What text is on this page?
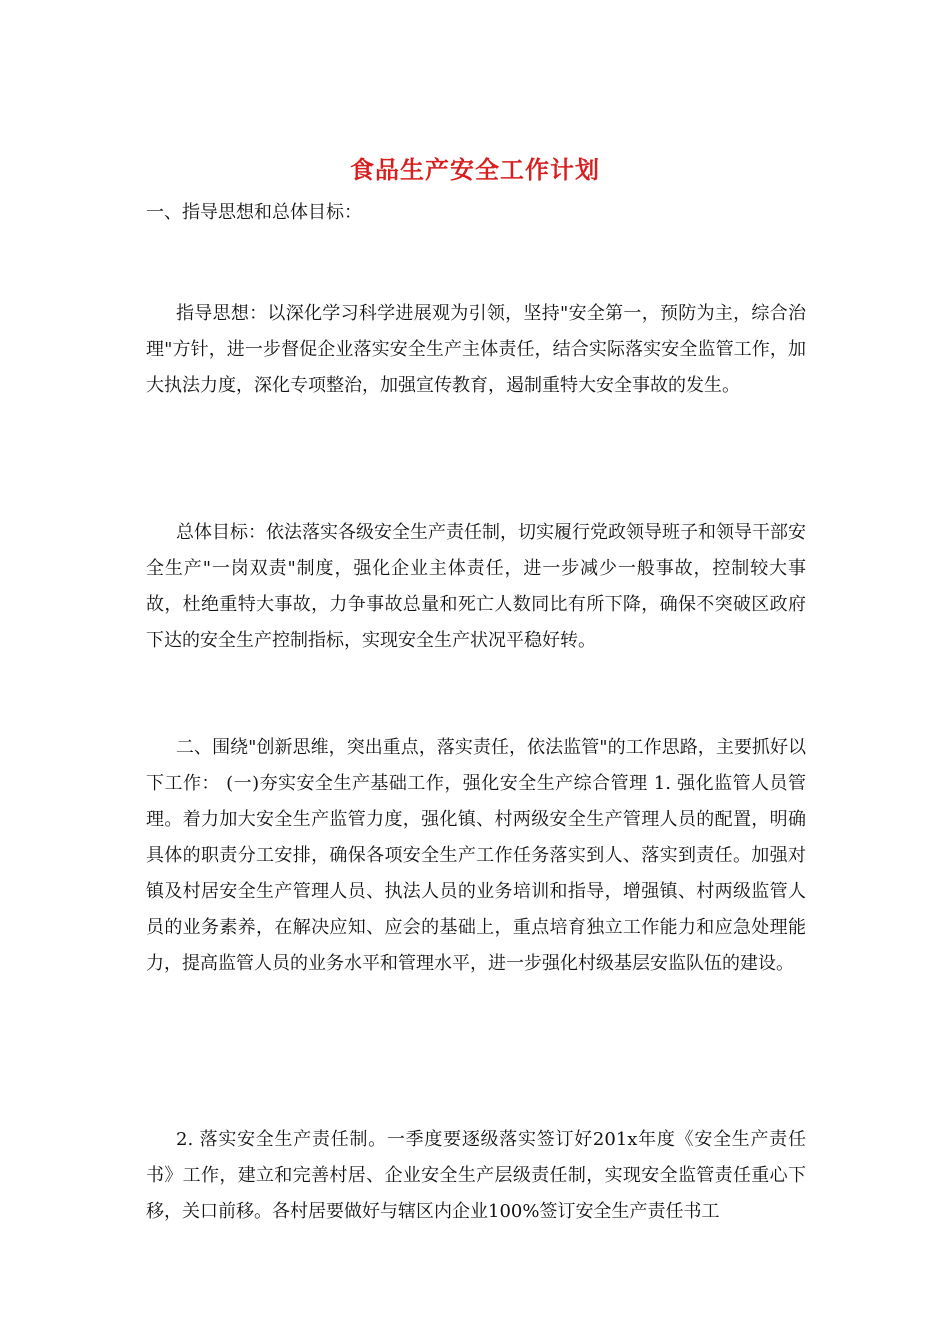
食品生产安全工作计划

一、指导思想和总体目标：

指导思想：以深化学习科学进展观为引领，坚持"安全第一，预防为主，综合治理"方针，进一步督促企业落实安全生产主体责任，结合实际落实安全监管工作，加大执法力度，深化专项整治，加强宣传教育，遏制重特大安全事故的发生。

总体目标：依法落实各级安全生产责任制，切实履行党政领导班子和领导干部安全生产"一岗双责"制度，强化企业主体责任，进一步减少一般事故，控制较大事故，杜绝重特大事故，力争事故总量和死亡人数同比有所下降，确保不突破区政府下达的安全生产控制指标，实现安全生产状况平稳好转。

二、围绕"创新思维，突出重点，落实责任，依法监管"的工作思路，主要抓好以下工作： (一)夯实安全生产基础工作，强化安全生产综合管理 1. 强化监管人员管理。着力加大安全生产监管力度，强化镇、村两级安全生产管理人员的配置，明确具体的职责分工安排，确保各项安全生产工作任务落实到人、落实到责任。加强对镇及村居安全生产管理人员、执法人员的业务培训和指导，增强镇、村两级监管人员的业务素养，在解决应知、应会的基础上，重点培育独立工作能力和应急处理能力，提高监管人员的业务水平和管理水平，进一步强化村级基层安监队伍的建设。

2. 落实安全生产责任制。一季度要逐级落实签订好201x年度《安全生产责任书》工作，建立和完善村居、企业安全生产层级责任制，实现安全监管责任重心下移，关口前移。各村居要做好与辖区内企业100%签订安全生产责任书工
